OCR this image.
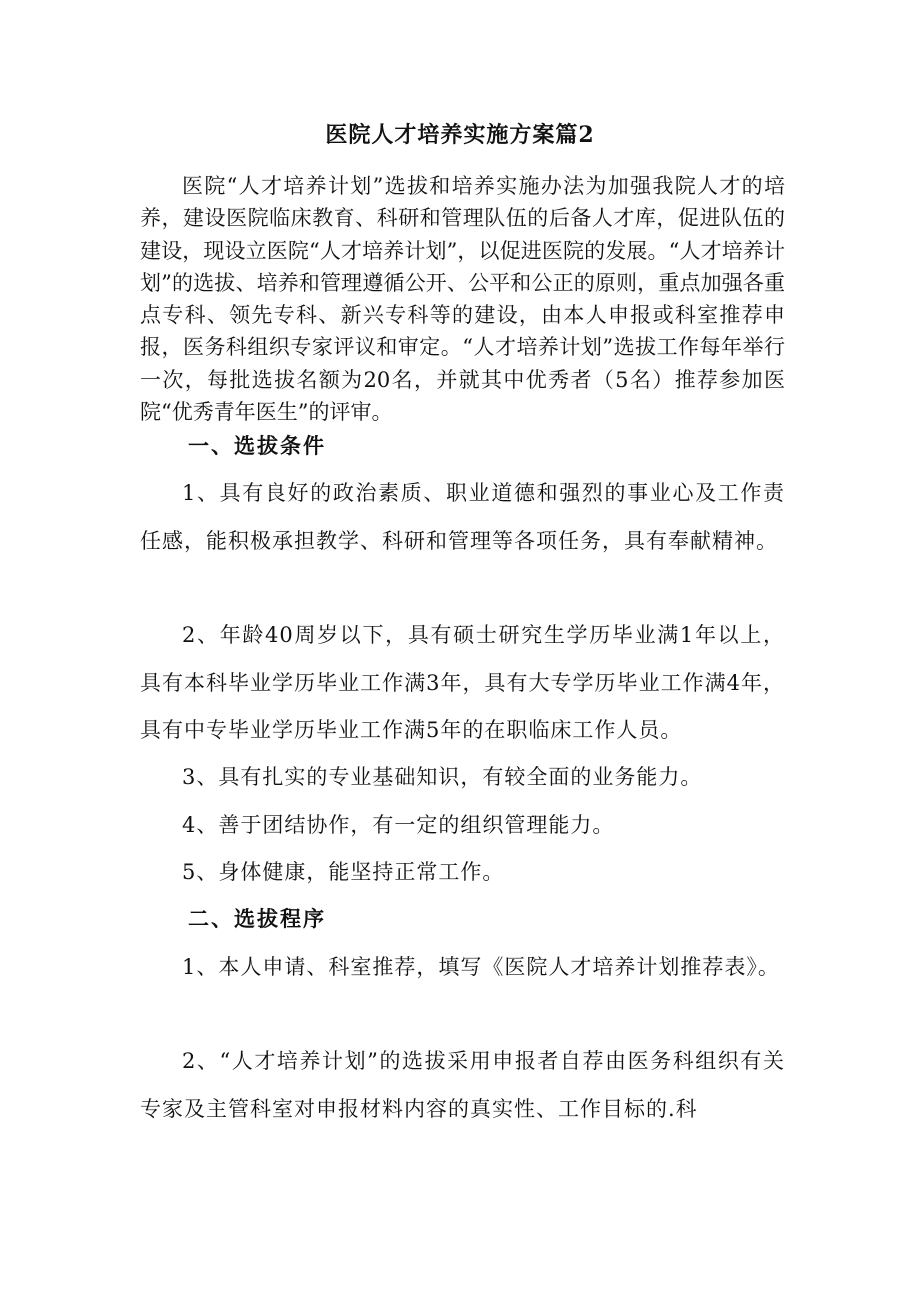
医院人才培养实施方案篇2

医院“人才培养计划”选拔和培养实施办法为加强我院人才的培养，建设医院临床教育、科研和管理队伍的后备人才库，促进队伍的建设，现设立医院“人才培养计划”，以促进医院的发展。“人才培养计划”的选拔、培养和管理遵循公开、公平和公正的原则，重点加强各重点专科、领先专科、新兴专科等的建设，由本人申报或科室推荐申报，医务科组织专家评议和审定。“人才培养计划”选拔工作每年举行一次，每批选拔名额为20名，并就其中优秀者（5名）推荐参加医院“优秀青年医生”的评审。

一、选拔条件

1、具有良好的政治素质、职业道德和强烈的事业心及工作责任感，能积极承担教学、科研和管理等各项任务，具有奉献精神。

2、年龄40周岁以下，具有硕士研究生学历毕业满1年以上，具有本科毕业学历毕业工作满3年，具有大专学历毕业工作满4年，具有中专毕业学历毕业工作满5年的在职临床工作人员。

3、具有扎实的专业基础知识，有较全面的业务能力。

4、善于团结协作，有一定的组织管理能力。

5、身体健康，能坚持正常工作。

二、选拔程序

1、本人申请、科室推荐，填写《医院人才培养计划推荐表》。

2、“人才培养计划”的选拔采用申报者自荐由医务科组织有关专家及主管科室对申报材料内容的真实性、工作目标的.科
